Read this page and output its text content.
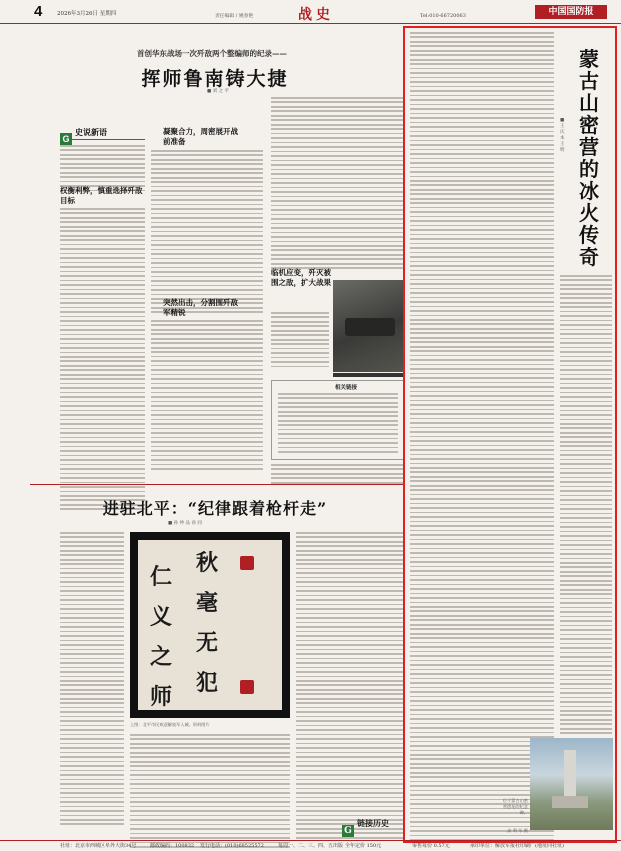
4	2026年3月26日 星期四	责任编辑 / 姚春艳	战史	Tel:010-66720063	中国国防报
首创华东战场一次歼敌两个整编师的纪录——
挥师鲁南铸大捷
■ 刘 之 平
G史说新语
权衡利弊，慎重选择歼敌目标
凝聚合力，周密展开战前准备
突然出击，分割围歼敌军精锐
临机应变，歼灭被围之敌，扩大战果
相关链接
进驻北平：“纪律跟着枪杆走”
■ 孙 仲 品 孙 同
秋
毫
无
犯
仁
义
之
师
上图：北平市民欢迎解放军入城。资料图片
G链接历史
蒙
古
山
密
营
的
冰
火
传
奇
■ 王 庆 本 王 明
位于蒙古山密营遗址的纪念碑。
高 利 军 摄
社址：北京市西城区阜外大街34号	邮政编码：100832 发行电话：(010)68525572	每周一、二、三、四、五出版 全年定价 150元	零售每份 0.57元	承印单位：解放军报社印刷厂(地址同社址)
